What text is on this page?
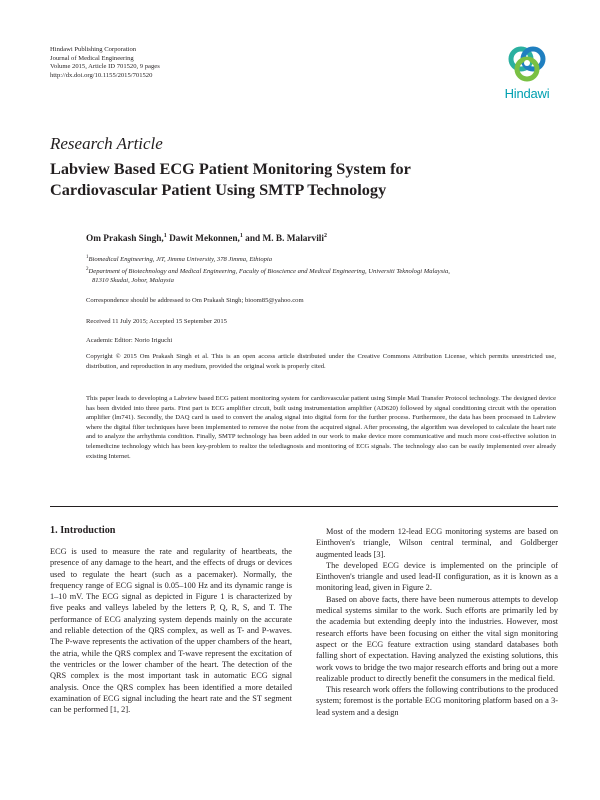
Hindawi Publishing Corporation
Journal of Medical Engineering
Volume 2015, Article ID 701520, 9 pages
http://dx.doi.org/10.1155/2015/701520
Hindawi
Research Article
Labview Based ECG Patient Monitoring System for
Cardiovascular Patient Using SMTP Technology
Om Prakash Singh,$^1$ Dawit Mekonnen,$^1$ and M. B. Malarvili$^2$
$^1$Biomedical Engineering, JiT, Jimma University, 378 Jimma, Ethiopia
$^2$Department of Biotechnology and Medical Engineering, Faculty of Bioscience and Medical Engineering, Universiti Teknologi Malaysia,
81310 Skudai, Johor, Malaysia
Correspondence should be addressed to Om Prakash Singh; bioom85@yahoo.com
Received 11 July 2015; Accepted 15 September 2015
Academic Editor: Norio Iriguchi
Copyright © 2015 Om Prakash Singh et al. This is an open access article distributed under the Creative Commons Attribution License, which permits unrestricted use, distribution, and reproduction in any medium, provided the original work is properly cited.
This paper leads to developing a Labview based ECG patient monitoring system for cardiovascular patient using Simple Mail Transfer Protocol technology. The designed device has been divided into three parts. First part is ECG amplifier circuit, built using instrumentation amplifier (AD620) followed by signal conditioning circuit with the operation amplifier (lm741). Secondly, the DAQ card is used to convert the analog signal into digital form for the further process. Furthermore, the data has been processed in Labview where the digital filter techniques have been implemented to remove the noise from the acquired signal. After processing, the algorithm was developed to calculate the heart rate and to analyze the arrhythmia condition. Finally, SMTP technology has been added in our work to make device more communicative and much more cost-effective solution in telemedicine technology which has been key-problem to realize the telediagnosis and monitoring of ECG signals. The technology also can be easily implemented over already existing Internet.
1. Introduction

ECG is used to measure the rate and regularity of heartbeats, the presence of any damage to the heart, and the effects of drugs or devices used to regulate the heart (such as a pacemaker). Normally, the frequency range of ECG signal is 0.05–100 Hz and its dynamic range is 1–10 mV. The ECG signal as depicted in Figure 1 is characterized by five peaks and valleys labeled by the letters P, Q, R, S, and T. The performance of ECG analyzing system depends mainly on the accurate and reliable detection of the QRS complex, as well as T- and P-waves. The P-wave represents the activation of the upper chambers of the heart, the atria, while the QRS complex and T-wave represent the excitation of the ventricles or the lower chamber of the heart. The detection of the QRS complex is the most important task in automatic ECG signal analysis. Once the QRS complex has been identified a more detailed examination of ECG signal including the heart rate and the ST segment can be performed [1, 2].

Most of the modern 12-lead ECG monitoring systems are based on Einthoven's triangle, Wilson central terminal, and Goldberger augmented leads [3].

The developed ECG device is implemented on the principle of Einthoven's triangle and used lead-II configuration, as it is known as a monitoring lead, given in Figure 2.

Based on above facts, there have been numerous attempts to develop medical systems similar to the work. Such efforts are primarily led by the academia but extending deeply into the industries. However, most research efforts have been focusing on either the vital sign monitoring aspect or the ECG feature extraction using standard databases both falling short of expectation. Having analyzed the existing solutions, this work vows to bridge the two major research efforts and bring out a more realizable product to directly benefit the consumers in the medical field.

This research work offers the following contributions to the produced system; foremost is the portable ECG monitoring platform based on a 3-lead system and a design
